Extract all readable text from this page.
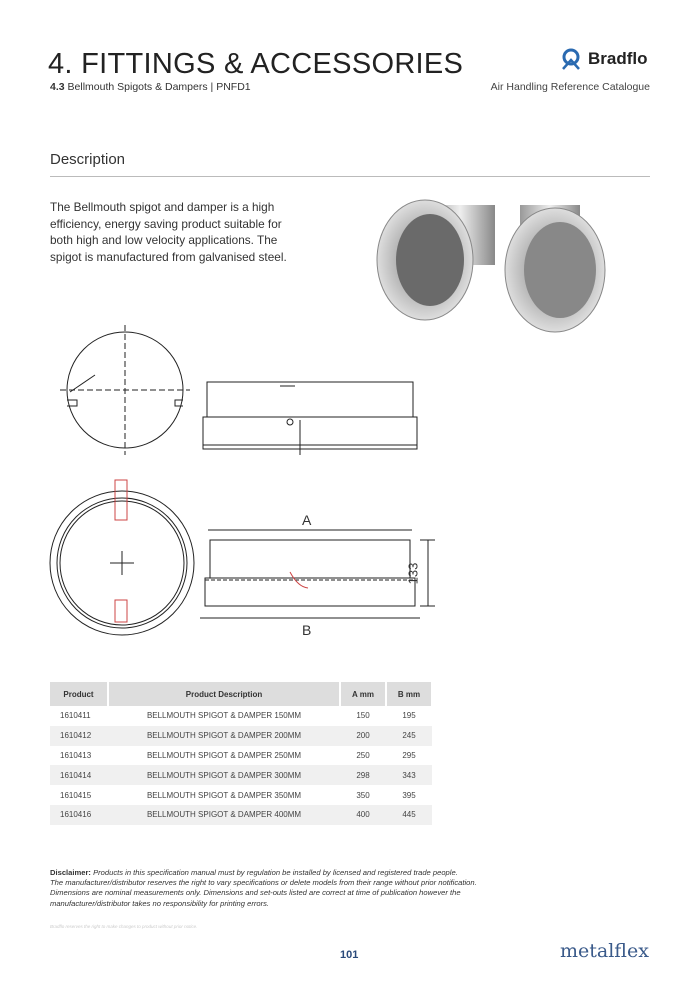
4. FITTINGS & ACCESSORIES
4.3 Bellmouth Spigots & Dampers | PNFD1
Bradflo
Air Handling Reference Catalogue
Description
The Bellmouth spigot and damper is a high efficiency, energy saving product suitable for both high and low velocity applications. The spigot is manufactured from galvanised steel.
A
B
133
Product	Product Description	A mm	B mm
1610411	BELLMOUTH SPIGOT & DAMPER 150MM	150	195
1610412	BELLMOUTH SPIGOT & DAMPER 200MM	200	245
1610413	BELLMOUTH SPIGOT & DAMPER 250MM	250	295
1610414	BELLMOUTH SPIGOT & DAMPER 300MM	298	343
1610415	BELLMOUTH SPIGOT & DAMPER 350MM	350	395
1610416	BELLMOUTH SPIGOT & DAMPER 400MM	400	445
Disclaimer: Products in this specification manual must by regulation be installed by licensed and registered trade people.
The manufacturer/distributor reserves the right to vary specifications or delete models from their range without prior notification.
Dimensions are nominal measurements only. Dimensions and set-outs listed are correct at time of publication however the
manufacturer/distributor takes no responsibility for printing errors.
Bradflo reserves the right to make changes to product without prior notice.
101	metalflex
